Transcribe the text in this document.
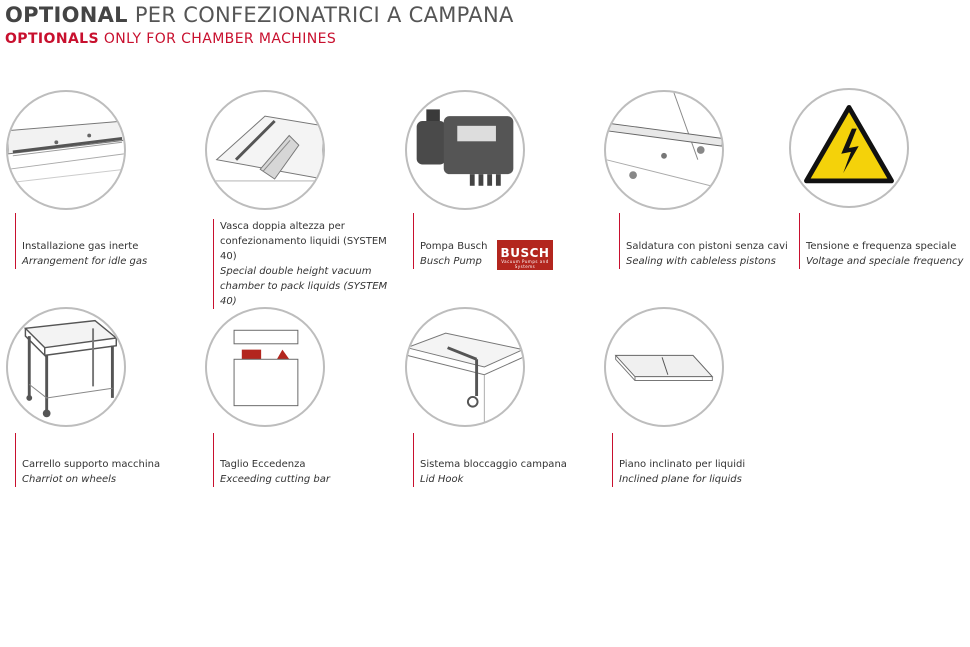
OPTIONAL PER CONFEZIONATRICI A CAMPANA
OPTIONALS ONLY FOR CHAMBER MACHINES
Installazione gas inerte
Arrangement for idle gas
Vasca doppia altezza per confezionamento liquidi (SYSTEM 40)
Special double height vacuum chamber to pack liquids (SYSTEM 40)
Pompa Busch
Busch Pump
BUSCH
Vacuum Pumps and Systems
Saldatura con pistoni senza cavi
Sealing with cableless pistons
Tensione e frequenza speciale
Voltage and speciale frequency
Carrello supporto macchina
Charriot on wheels
Taglio Eccedenza
Exceeding cutting bar
Sistema bloccaggio campana
Lid Hook
Piano inclinato per liquidi
Inclined plane for liquids
